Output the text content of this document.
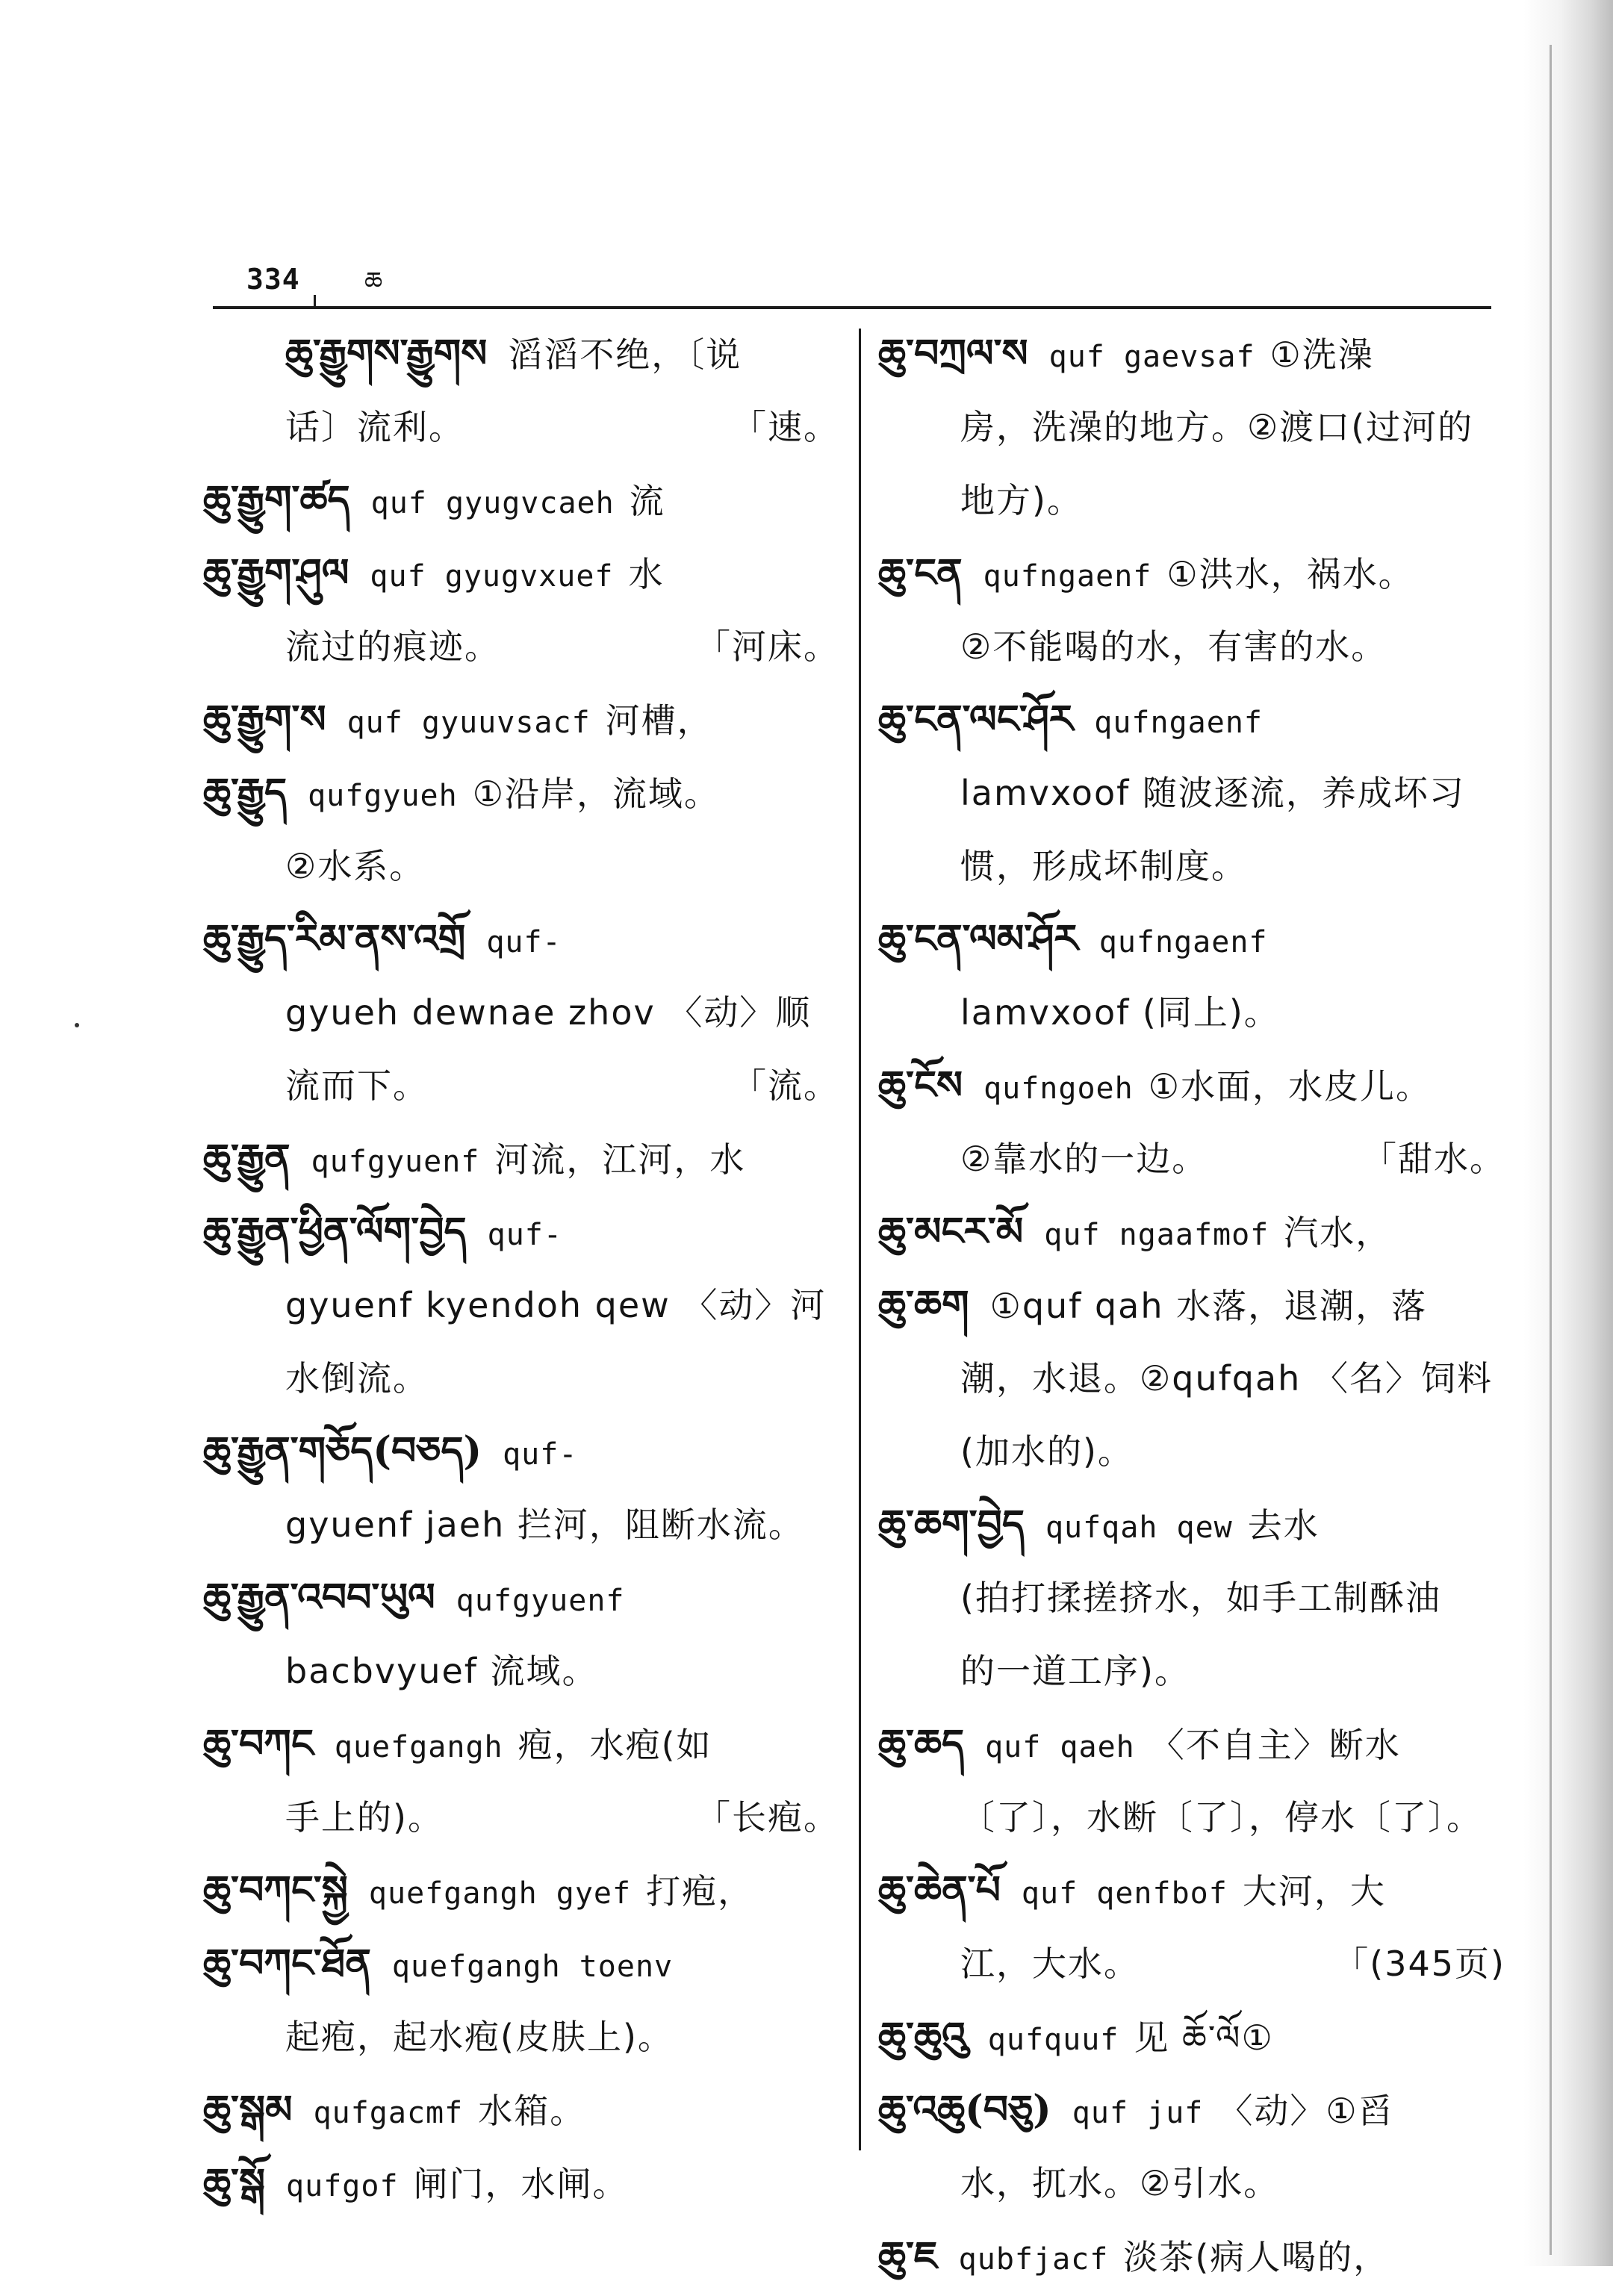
334	ཆ
ཆུ་རྒྱུགས་རྒྱུགས 滔滔不绝，〔说
话〕流利。	「速。
ཆུ་རྒྱུག་ཚད quf gyugvcaeh 流
ཆུ་རྒྱུག་ཤུལ quf gyugvxuef 水
流过的痕迹。	「河床。
ཆུ་རྒྱུག་ས quf gyuuvsacf 河槽，
ཆུ་རྒྱུད qufgyueh ①沿岸，流域。
②水系。
ཆུ་རྒྱུད་རིམ་ནས་འགྲོ quf-
gyueh dewnae zhov 〈动〉顺
流而下。	「流。
ཆུ་རྒྱུན qufgyuenf 河流，江河，水
ཆུ་རྒྱུན་ཕྱིན་ལོག་བྱེད quf-
gyuenf kyendoh qew 〈动〉河
水倒流。
ཆུ་རྒྱུན་གཅོད(བཅད) quf-
gyuenf jaeh 拦河，阻断水流。
ཆུ་རྒྱུན་འབབ་ཡུལ qufgyuenf
bacbvyuef 流域。
ཆུ་བཀང quefgangh 疱，水疱(如
手上的)。	「长疱。
ཆུ་བཀང་སྐྱེ quefgangh gyef 打疱，
ཆུ་བཀང་ཐོན quefgangh toenv
起疱，起水疱(皮肤上)。
ཆུ་སྒམ qufgacmf 水箱。
ཆུ་སྒོ qufgof 闸门，水闸。
ཆུ་བཀྲལ་ས quf gaevsaf ①洗澡
房，洗澡的地方。②渡口(过河的
地方)。
ཆུ་ངན qufngaenf ①洪水，祸水。
②不能喝的水，有害的水。
ཆུ་ངན་ལང་ཤོར qufngaenf
lamvxoof 随波逐流，养成坏习
惯，形成坏制度。
ཆུ་ངན་ལམ་ཤོར qufngaenf
lamvxoof (同上)。
ཆུ་ངོས qufngoeh ①水面，水皮儿。
②靠水的一边。	「甜水。
ཆུ་མངར་མོ quf ngaafmof 汽水，
ཆུ་ཆག ①quf qah 水落，退潮，落
潮，水退。②qufqah 〈名〉饲料
(加水的)。
ཆུ་ཆག་བྱེད qufqah qew 去水
(拍打揉搓挤水，如手工制酥油
的一道工序)。
ཆུ་ཆད quf qaeh 〈不自主〉断水
〔了〕，水断〔了〕，停水〔了〕。
ཆུ་ཆེན་པོ quf qenfbof 大河，大
江，大水。	「(345页)
ཆུ་ཆུའུ qufquuf 见 ཆོ་ལོ①
ཆུ་འཆུ(བཅུ) quf juf 〈动〉①舀
水，扤水。②引水。
ཆུ་ཇ qubfjacf 淡茶(病人喝的，
